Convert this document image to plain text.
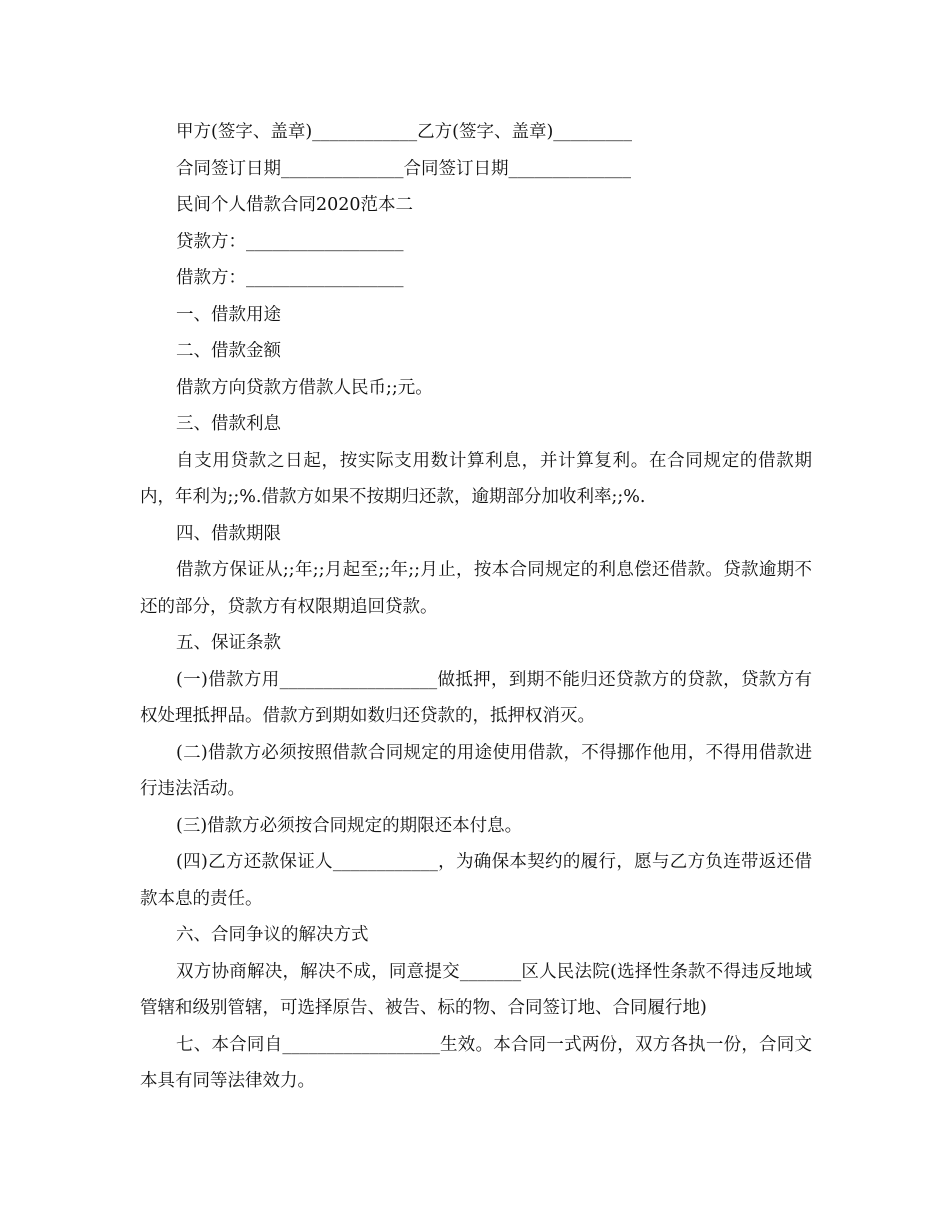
甲方(签字、盖章)____________乙方(签字、盖章)_________

合同签订日期______________合同签订日期______________

民间个人借款合同2020范本二

贷款方：__________________

借款方：__________________

一、借款用途

二、借款金额

借款方向贷款方借款人民币;;元。

三、借款利息

自支用贷款之日起，按实际支用数计算利息，并计算复利。在合同规定的借款期内，年利为;;%.借款方如果不按期归还款，逾期部分加收利率;;%.

四、借款期限

借款方保证从;;年;;月起至;;年;;月止，按本合同规定的利息偿还借款。贷款逾期不还的部分，贷款方有权限期追回贷款。

五、保证条款

(一)借款方用__________________做抵押，到期不能归还贷款方的贷款，贷款方有权处理抵押品。借款方到期如数归还贷款的，抵押权消灭。

(二)借款方必须按照借款合同规定的用途使用借款，不得挪作他用，不得用借款进行违法活动。

(三)借款方必须按合同规定的期限还本付息。

(四)乙方还款保证人____________，为确保本契约的履行，愿与乙方负连带返还借款本息的责任。

六、合同争议的解决方式

双方协商解决，解决不成，同意提交_______区人民法院(选择性条款不得违反地域管辖和级别管辖，可选择原告、被告、标的物、合同签订地、合同履行地)

七、本合同自__________________生效。本合同一式两份，双方各执一份，合同文本具有同等法律效力。
